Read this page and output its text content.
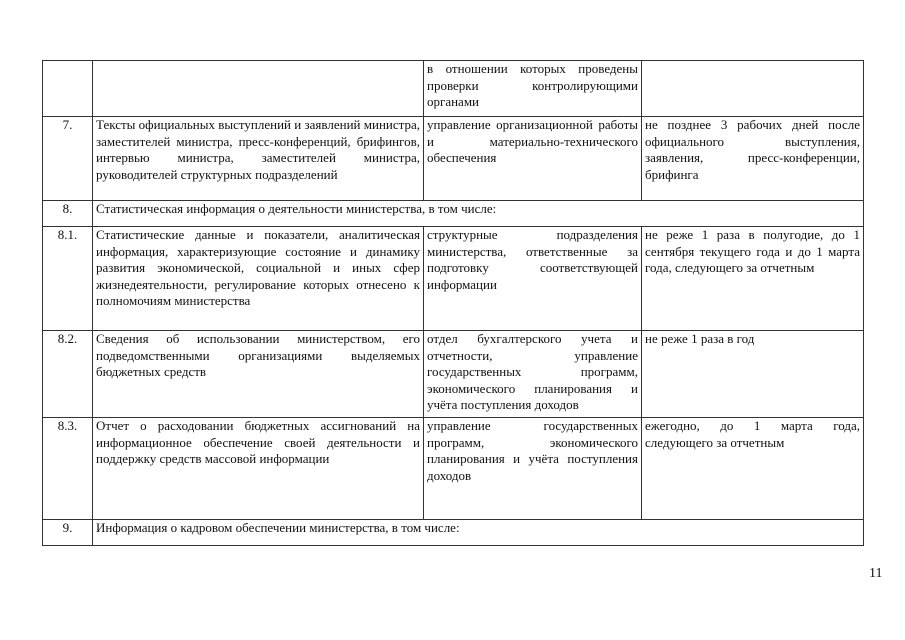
		в отношении которых проведены проверки контролирующими органами	
7.	Тексты официальных выступлений и заявлений министра, заместителей министра, пресс-конференций, брифингов, интервью министра, заместителей министра, руководителей структурных подразделений	управление организационной работы и материально-технического обеспечения	не позднее 3 рабочих дней после официального выступления, заявления, пресс-конференции, брифинга
8.	Статистическая информация о деятельности министерства, в том числе:		
8.1.	Статистические данные и показатели, аналитическая информация, характеризующие состояние и динамику развития экономической, социальной и иных сфер жизнедеятельности, регулирование которых отнесено к полномочиям министерства	структурные подразделения министерства, ответственные за подготовку соответствующей информации	не реже 1 раза в полугодие, до 1 сентября текущего года и до 1 марта года, следующего за отчетным
8.2.	Сведения об использовании министерством, его подведомственными организациями выделяемых бюджетных средств	отдел бухгалтерского учета и отчетности, управление государственных программ, экономического планирования и учёта поступления доходов	не реже 1 раза в год
8.3.	Отчет о расходовании бюджетных ассигнований на информационное обеспечение своей деятельности и поддержку средств массовой информации	управление государственных программ, экономического планирования и учёта поступления доходов	ежегодно, до 1 марта года, следующего за отчетным
9.	Информация о кадровом обеспечении министерства, в том числе:		
11
